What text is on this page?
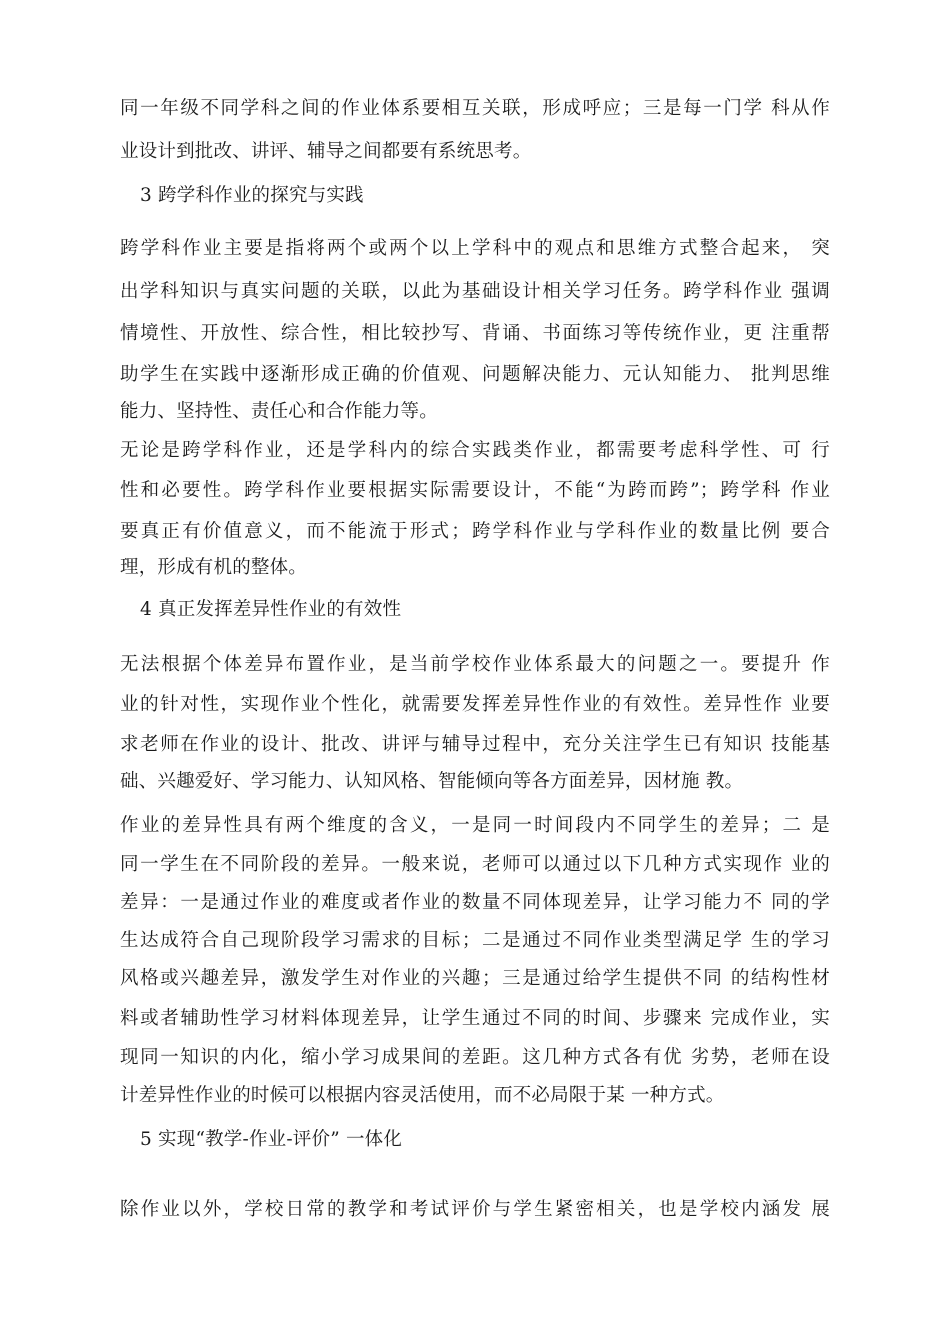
同一年级不同学科之间的作业体系要相互关联，形成呼应；三是每一门学 科从作
业设计到批改、讲评、辅导之间都要有系统思考。
3 跨学科作业的探究与实践
跨学科作业主要是指将两个或两个以上学科中的观点和思维方式整合起来， 突
出学科知识与真实问题的关联，以此为基础设计相关学习任务。跨学科作业 强调
情境性、开放性、综合性，相比较抄写、背诵、书面练习等传统作业，更 注重帮
助学生在实践中逐渐形成正确的价值观、问题解决能力、元认知能力、 批判思维
能力、坚持性、责任心和合作能力等。
无论是跨学科作业，还是学科内的综合实践类作业，都需要考虑科学性、可 行
性和必要性。跨学科作业要根据实际需要设计，不能“为跨而跨”；跨学科 作业
要真正有价值意义，而不能流于形式；跨学科作业与学科作业的数量比例 要合
理，形成有机的整体。
4 真正发挥差异性作业的有效性
无法根据个体差异布置作业，是当前学校作业体系最大的问题之一。要提升 作
业的针对性，实现作业个性化，就需要发挥差异性作业的有效性。差异性作 业要
求老师在作业的设计、批改、讲评与辅导过程中，充分关注学生已有知识 技能基
础、兴趣爱好、学习能力、认知风格、智能倾向等各方面差异，因材施 教。
作业的差异性具有两个维度的含义，一是同一时间段内不同学生的差异；二 是
同一学生在不同阶段的差异。一般来说，老师可以通过以下几种方式实现作 业的
差异：一是通过作业的难度或者作业的数量不同体现差异，让学习能力不 同的学
生达成符合自己现阶段学习需求的目标；二是通过不同作业类型满足学 生的学习
风格或兴趣差异，激发学生对作业的兴趣；三是通过给学生提供不同 的结构性材
料或者辅助性学习材料体现差异，让学生通过不同的时间、步骤来 完成作业，实
现同一知识的内化，缩小学习成果间的差距。这几种方式各有优 劣势，老师在设
计差异性作业的时候可以根据内容灵活使用，而不必局限于某 一种方式。
5 实现“教学-作业-评价” 一体化
除作业以外，学校日常的教学和考试评价与学生紧密相关，也是学校内涵发 展
